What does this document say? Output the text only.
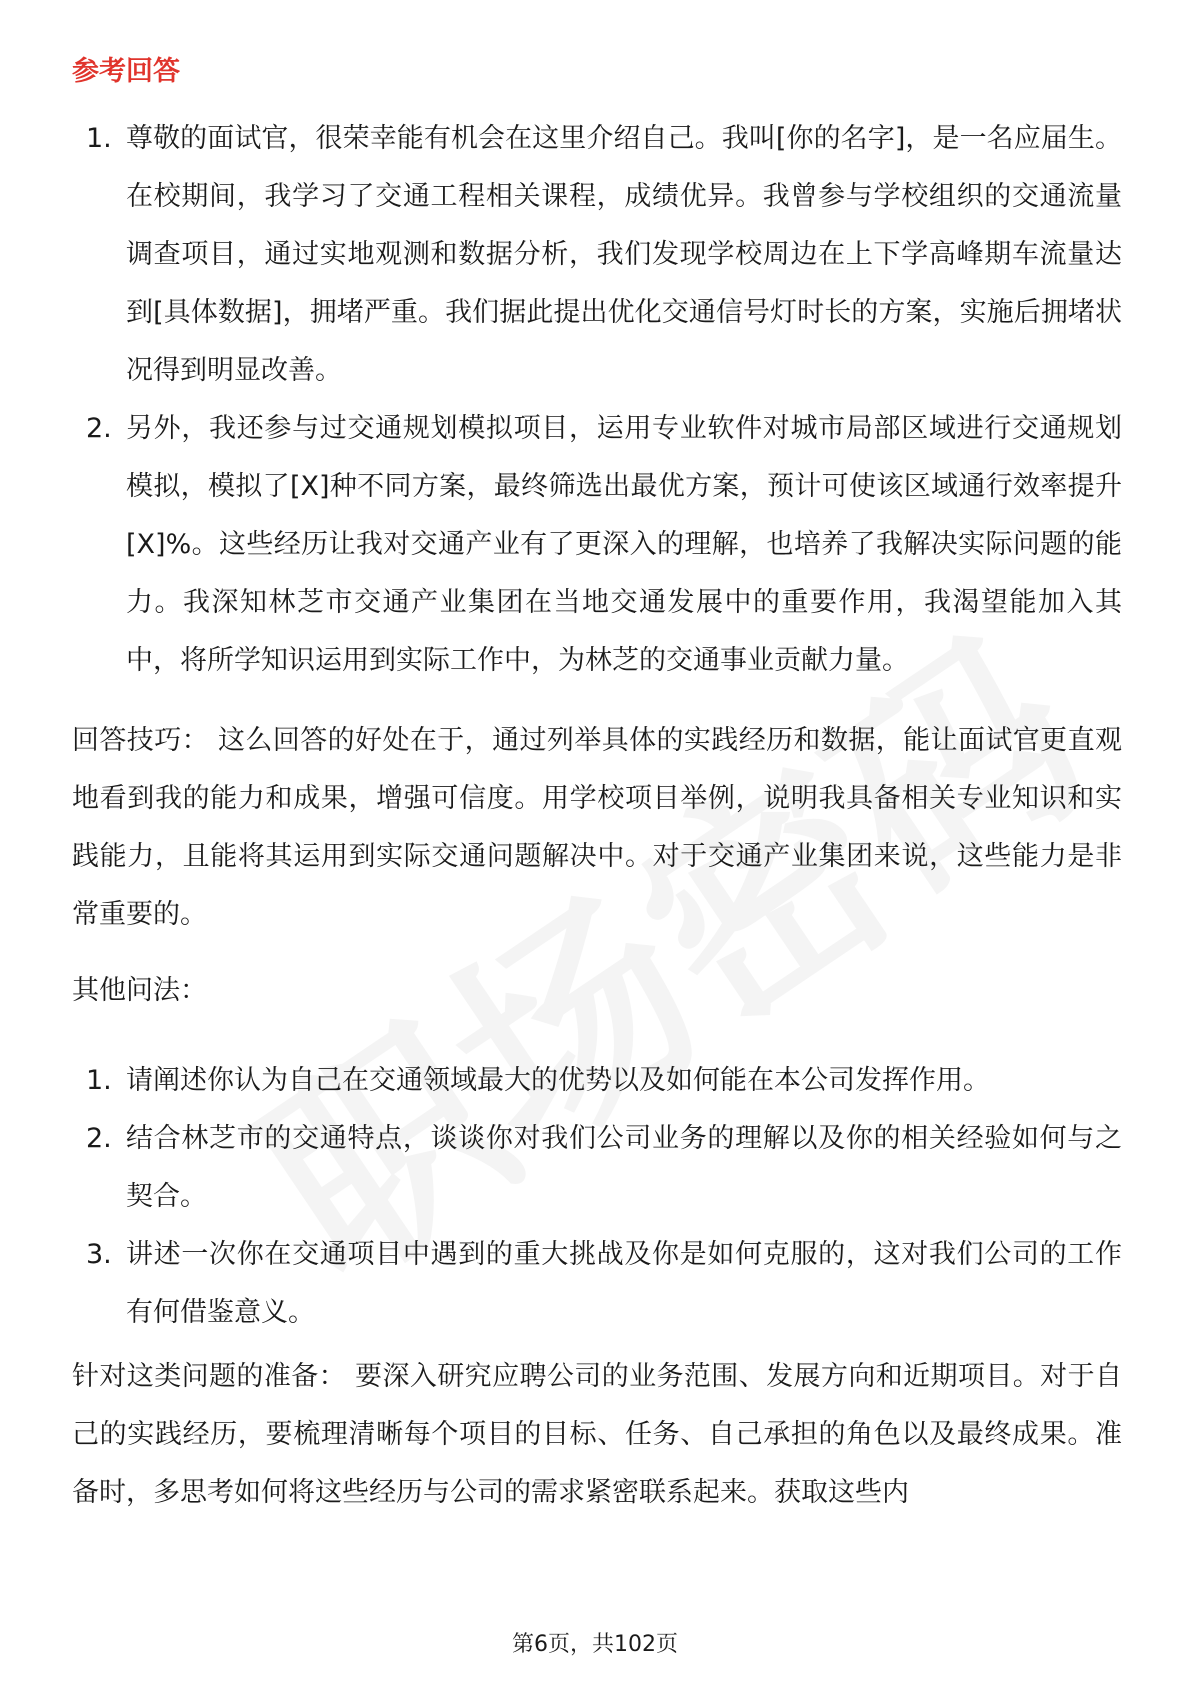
参考回答
1. 尊敬的面试官，很荣幸能有机会在这里介绍自己。我叫[你的名字]，是一名应届生。在校期间，我学习了交通工程相关课程，成绩优异。我曾参与学校组织的交通流量调查项目，通过实地观测和数据分析，我们发现学校周边在上下学高峰期车流量达到[具体数据]，拥堵严重。我们据此提出优化交通信号灯时长的方案，实施后拥堵状况得到明显改善。
2. 另外，我还参与过交通规划模拟项目，运用专业软件对城市局部区域进行交通规划模拟，模拟了[X]种不同方案，最终筛选出最优方案，预计可使该区域通行效率提升[X]%。这些经历让我对交通产业有了更深入的理解，也培养了我解决实际问题的能力。我深知林芝市交通产业集团在当地交通发展中的重要作用，我渴望能加入其中，将所学知识运用到实际工作中，为林芝的交通事业贡献力量。
回答技巧： 这么回答的好处在于，通过列举具体的实践经历和数据，能让面试官更直观地看到我的能力和成果，增强可信度。用学校项目举例，说明我具备相关专业知识和实践能力，且能将其运用到实际交通问题解决中。对于交通产业集团来说，这些能力是非常重要的。
其他问法：
1. 请阐述你认为自己在交通领域最大的优势以及如何能在本公司发挥作用。
2. 结合林芝市的交通特点，谈谈你对我们公司业务的理解以及你的相关经验如何与之契合。
3. 讲述一次你在交通项目中遇到的重大挑战及你是如何克服的，这对我们公司的工作有何借鉴意义。
针对这类问题的准备： 要深入研究应聘公司的业务范围、发展方向和近期项目。对于自己的实践经历，要梳理清晰每个项目的目标、任务、自己承担的角色以及最终成果。准备时，多思考如何将这些经历与公司的需求紧密联系起来。获取这些内
第6页，共102页
